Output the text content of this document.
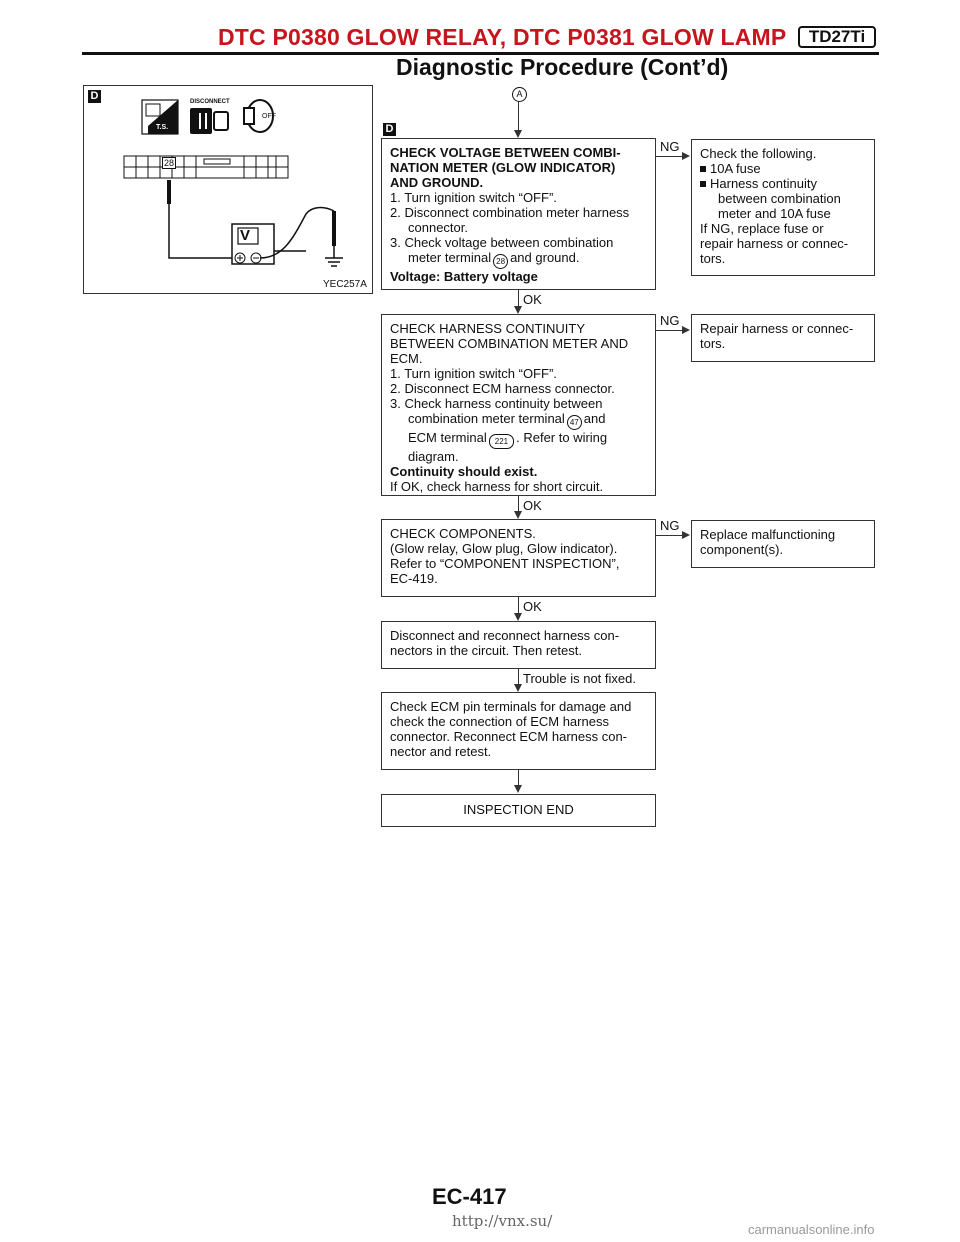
DTC P0380 GLOW RELAY, DTC P0381 GLOW LAMP	TD27Ti
Diagnostic Procedure (Cont’d)
D	DISCONNECT
T.S.
OFF
28
V
YEC257A
A
D
CHECK VOLTAGE BETWEEN COMBI-
NATION METER (GLOW INDICATOR)
AND GROUND.
1. Turn ignition switch “OFF”.
2. Disconnect combination meter harness
connector.
3. Check voltage between combination
meter terminal 28 and ground.
Voltage: Battery voltage
NG Check the following.
10A fuse
Harness continuity
between combination
meter and 10A fuse
If NG, replace fuse or
repair harness or connec-
tors.
OK
CHECK HARNESS CONTINUITY
BETWEEN COMBINATION METER AND
ECM.
1. Turn ignition switch “OFF”.
2. Disconnect ECM harness connector.
3. Check harness continuity between
combination meter terminal 47 and
ECM terminal 221 . Refer to wiring
diagram.
Continuity should exist.
If OK, check harness for short circuit.
NG
Repair harness or connec-
tors.
OK
CHECK COMPONENTS.
(Glow relay, Glow plug, Glow indicator).
Refer to “COMPONENT INSPECTION”,
EC-419.
NG
Replace malfunctioning
component(s).
OK
Disconnect and reconnect harness con-
nectors in the circuit. Then retest.
Trouble is not fixed.
Check ECM pin terminals for damage and
check the connection of ECM harness
connector. Reconnect ECM harness con-
nector and retest.
INSPECTION END
EC-417
http://vnx.su/	carmanualsonline.info
